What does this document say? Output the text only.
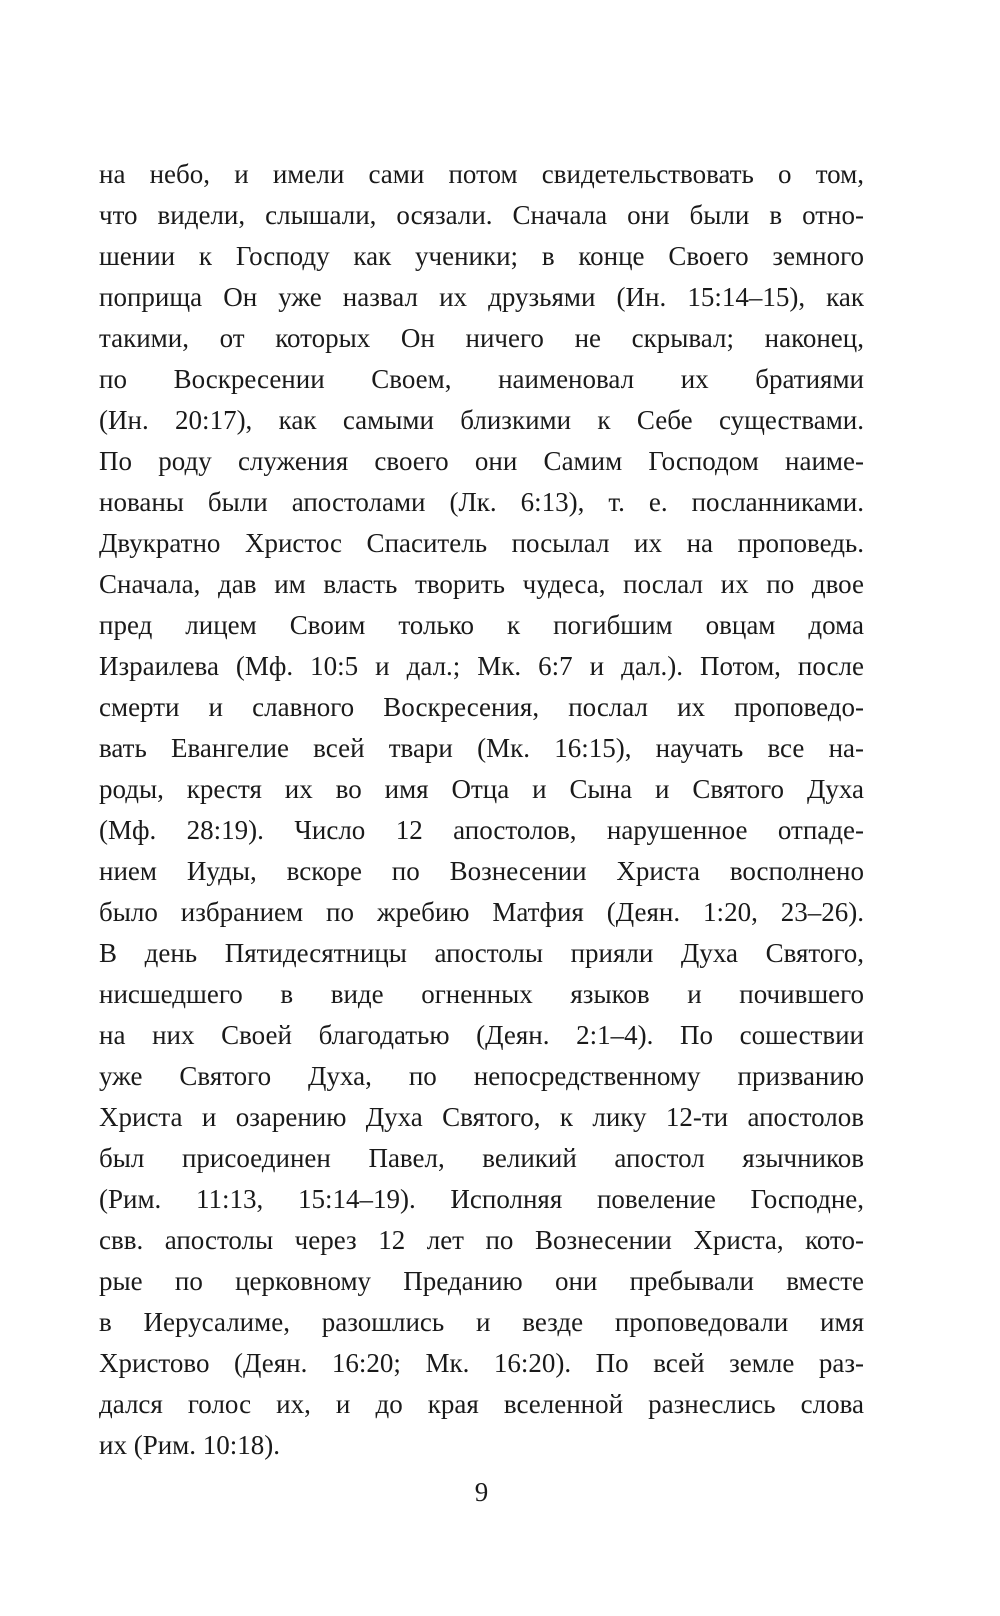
на небо, и имели сами потом свидетельствовать о том,
что видели, слышали, осязали. Сначала они были в отно-
шении к Господу как ученики; в конце Своего земного
поприща Он уже назвал их друзьями (Ин. 15:14–15), как
такими, от которых Он ничего не скрывал; наконец,
по Воскресении Своем, наименовал их братиями
(Ин. 20:17), как самыми близкими к Себе существами.
По роду служения своего они Самим Господом наиме-
нованы были апостолами (Лк. 6:13), т. е. посланниками.
Двукратно Христос Спаситель посылал их на проповедь.
Сначала, дав им власть творить чудеса, послал их по двое
пред лицем Своим только к погибшим овцам дома
Израилева (Мф. 10:5 и дал.; Мк. 6:7 и дал.). Потом, после
смерти и славного Воскресения, послал их проповедо-
вать Евангелие всей твари (Мк. 16:15), научать все на-
роды, крестя их во имя Отца и Сына и Святого Духа
(Мф. 28:19). Число 12 апостолов, нарушенное отпаде-
нием Иуды, вскоре по Вознесении Христа восполнено
было избранием по жребию Матфия (Деян. 1:20, 23–26).
В день Пятидесятницы апостолы прияли Духа Святого,
нисшедшего в виде огненных языков и почившего
на них Своей благодатью (Деян. 2:1–4). По сошествии
уже Святого Духа, по непосредственному призванию
Христа и озарению Духа Святого, к лику 12-ти апостолов
был присоединен Павел, великий апостол язычников
(Рим. 11:13, 15:14–19). Исполняя повеление Господне,
свв. апостолы через 12 лет по Вознесении Христа, кото-
рые по церковному Преданию они пребывали вместе
в Иерусалиме, разошлись и везде проповедовали имя
Христово (Деян. 16:20; Мк. 16:20). По всей земле раз-
дался голос их, и до края вселенной разнеслись слова
их (Рим. 10:18).
9
